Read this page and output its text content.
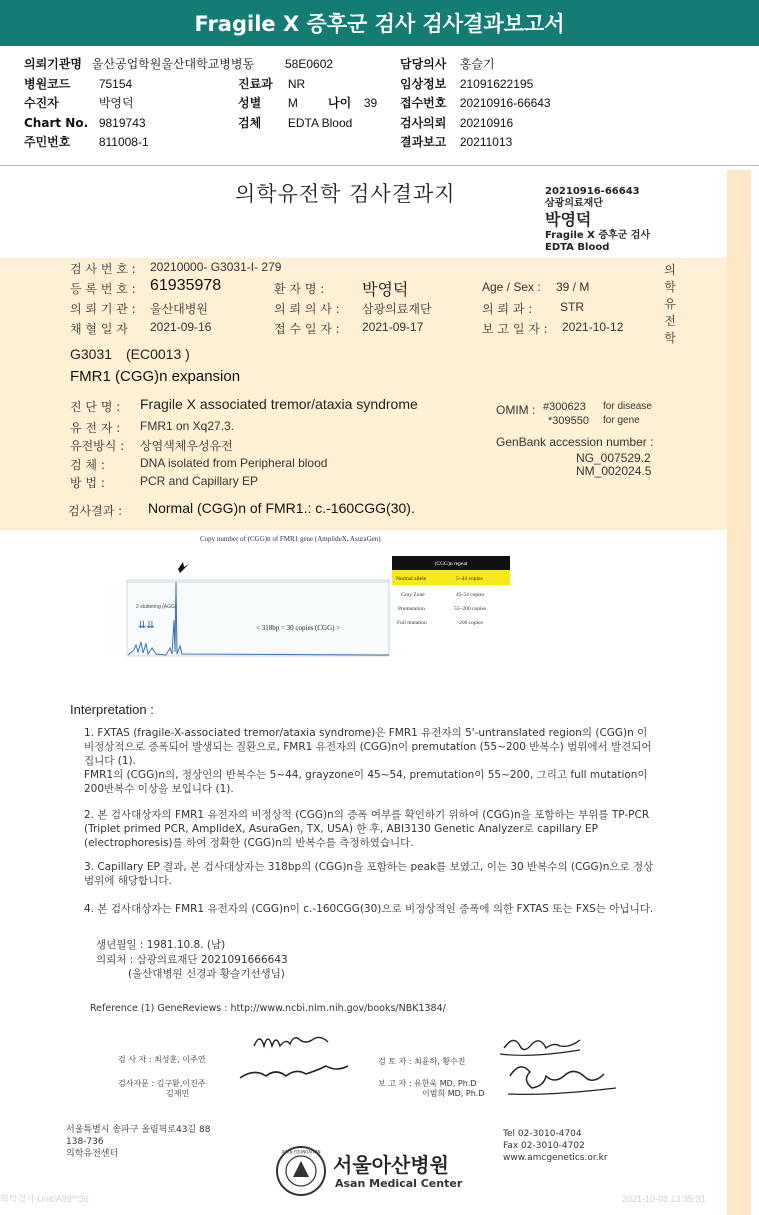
Fragile X 증후군 검사 검사결과보고서
의뢰기관명 울산공업학원울산대학교병병동	58E0602	담당의사 홍슬기
병원코드 75154	진료과 NR	임상정보 21091622195
수진자	박영덕	성별 M	나이 39 접수번호 20210916-66643
Chart No. 9819743	검체 EDTA Blood	검사의뢰 20210916
주민번호 811008-1	결과보고 20211013
의학유전학
의학유전학 검사결과지	20210916-66643
삼광의료재단
박영덕
Fragile X 증후군 검사
EDTA Blood
검 사 번 호 : 20210000- G3031-I- 279
등 록 번 호 : 61935978	환 자 명 : 박영덕	Age / Sex : 39 / M
의 뢰 기 관 : 울산대병원	의 뢰 의 사 : 삼광의료재단	의 뢰 과 : STR
채 혈 일 자 2021-09-16	접 수 일 자 : 2021-09-17	보 고 일 자 : 2021-10-12
G3031 (EC0013 )
FMR1 (CGG)n expansion
진 단 명 : Fragile X associated tremor/ataxia syndrome	OMIM : #300623 for disease
*309550 for gene
유 전 자 : FMR1 on Xq27.3.
유전방식 : 상염색체우성유전	GenBank accession number :
NG_007529.2
NM_002024.5
검 체 :	DNA isolated from Peripheral blood
방 법 :	PCR and Capillary EP
검사결과 : Normal (CGG)n of FMR1.: c.-160CGG(30).
Copy number of (CGG)n of FMR1 gene (AmplideX, AsuraGen)
2 stuttering (AGG)
⇊⇊	< 318bp = 30 copies (CGG) >
(CGG)n repeat
Normal allele	5~44 copies
Gray Zone	45-54 copies
Premutation	55~200 copies
Full mutation	>200 copies
Interpretation :
1. FXTAS (fragile-X-associated tremor/ataxia syndrome)은 FMR1 유전자의 5'-untranslated region의 (CGG)n 이 비정상적으로 증폭되어 발생되는 질환으로, FMR1 유전자의 (CGG)n이 premutation (55~200 반복수) 범위에서 발견되어집니다 (1).
FMR1의 (CGG)n의, 정상인의 반복수는 5~44, grayzone이 45~54, premutation이 55~200, 그리고 full mutation이 200반복수 이상을 보입니다 (1).
2. 본 검사대상자의 FMR1 유전자의 비정상적 (CGG)n의 증폭 여부를 확인하기 위하여 (CGG)n을 포함하는 부위를 TP-PCR (Triplet primed PCR, AmplideX, AsuraGen, TX, USA) 한 후, ABI3130 Genetic Analyzer로 capillary EP (electrophoresis)를 하여 정확한 (CGG)n의 반복수를 측정하였습니다.
3. Capillary EP 결과, 본 검사대상자는 318bp의 (CGG)n을 포함하는 peak를 보였고, 이는 30 반복수의 (CGG)n으로 정상범위에 해당합니다.
4. 본 검사대상자는 FMR1 유전자의 (CGG)n이 c.-160CGG(30)으로 비정상적인 증폭에 의한 FXTAS 또는 FXS는 아닙니다.
생년월일 : 1981.10.8. (남)
의뢰처 : 삼광의료재단 2021091666643
(울산대병원 신경과 황슬기선생님)
Reference (1) GeneReviews : http://www.ncbi.nlm.nih.gov/books/NBK1384/
검 사 자 : 최성훈, 이주연	검 토 자 : 최윤하, 황수진
검사자문 : 김구환,이진주
김재민
보 고 자 : 유한욱 MD, Ph.D
이범희 MD, Ph.D
서울특별시 송파구 올림픽로43길 88
138-736
의학유전센터
Tel 02-3010-4704
Fax 02-3010-4702
www.amcgenetics.or.kr
ASAN FOUNDATION
서울아산병원
Asan Medical Center
의학검사 Unit/A99**36	2021-10-08 13:35:31
